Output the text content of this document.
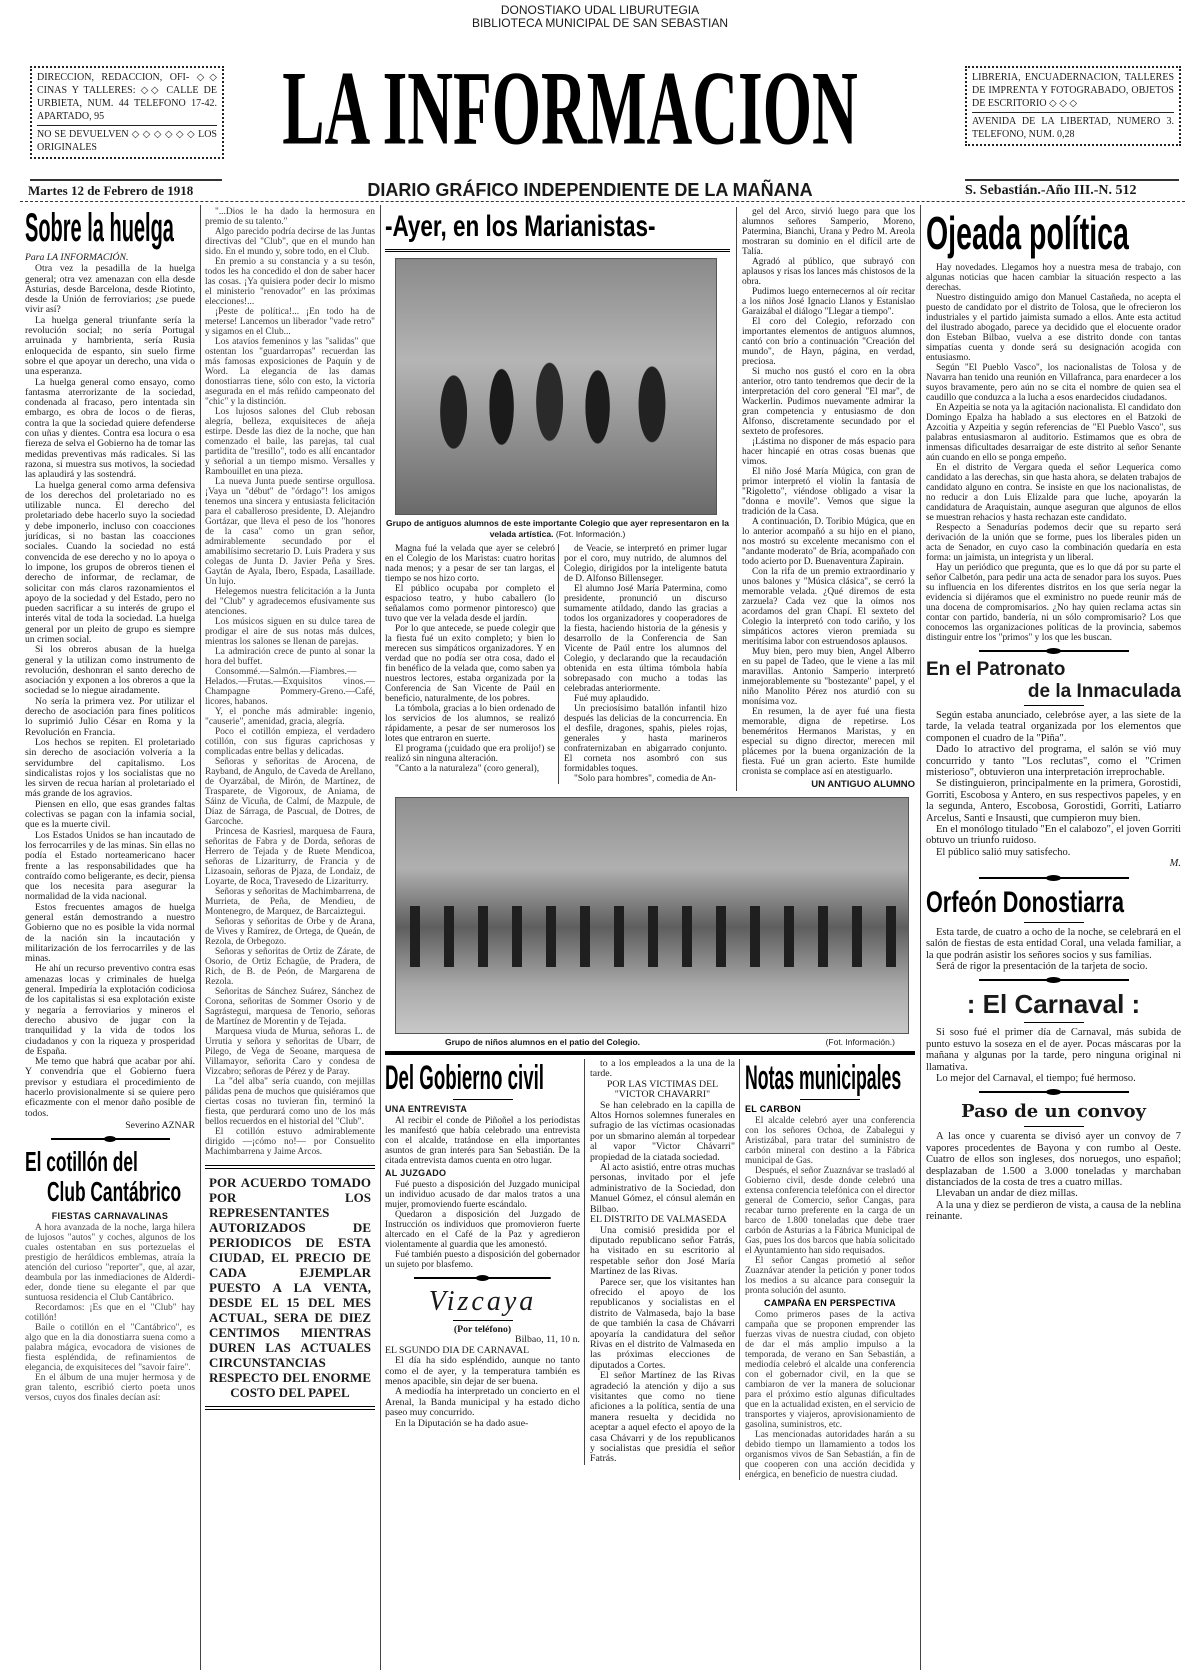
DONOSTIAKO UDAL LIBURUTEGIA
BIBLIOTECA MUNICIPAL DE SAN SEBASTIAN
DIRECCION, REDACCION, OFI- ◇◇ CINAS Y TALLERES: ◇◇ CALLE DE URBIETA, NUM. 44 TELEFONO 17-42. APARTADO, 95
NO SE DEVUELVEN ◇ ◇ ◇ ◇ ◇ ◇ LOS ORIGINALES	LA INFORMACION	LIBRERIA, ENCUADERNACION, TALLERES DE IMPRENTA Y FOTOGRABADO, OBJETOS DE ESCRITORIO ◇ ◇ ◇
AVENIDA DE LA LIBERTAD, NUMERO 3. TELEFONO, NUM. 0,28
Martes 12 de Febrero de 1918	DIARIO GRÁFICO INDEPENDIENTE DE LA MAÑANA	S. Sebastián.-Año III.-N. 512
Sobre la huelga
Para LA INFORMACIÓN.

Otra vez la pesadilla de la huelga general; otra vez amenazan con ella desde Asturias, desde Barcelona, desde Riotinto, desde la Unión de ferroviarios; ¿se puede vivir así?

La huelga general triunfante sería la revolución social; no sería Portugal arruinada y hambrienta, sería Rusia enloquecida de espanto, sin suelo firme sobre el que apoyar un derecho, una vida o una esperanza.

La huelga general como ensayo, como fantasma aterrorizante de la sociedad, condenada al fracaso, pero intentada sin embargo, es obra de locos o de fieras, contra la que la sociedad quiere defenderse con uñas y dientes. Contra esa locura o esa fiereza de selva el Gobierno ha de tomar las medidas preventivas más radicales. Si las razona, si muestra sus motivos, la sociedad las aplaudirá y las sostendrá.

La huelga general como arma defensiva de los derechos del proletariado no es utilizable nunca. El derecho del proletariado debe hacerlo suyo la sociedad y debe imponerlo, incluso con coacciones jurídicas, si no bastan las coacciones sociales. Cuando la sociedad no está convencida de ese derecho y no lo apoya o lo impone, los grupos de obreros tienen el derecho de informar, de reclamar, de solicitar con más claros razonamientos el apoyo de la sociedad y del Estado, pero no pueden sacrificar a su interés de grupo el interés vital de toda la sociedad. La huelga general por un pleito de grupo es siempre un crimen social.

Si los obreros abusan de la huelga general y la utilizan como instrumento de revolución, deshonran el santo derecho de asociación y exponen a los obreros a que la sociedad se lo niegue airadamente.

No sería la primera vez. Por utilizar el derecho de asociación para fines políticos lo suprimió Julio César en Roma y la Revolución en Francia.

Los hechos se repiten. El proletariado sin derecho de asociación volvería a la servidumbre del capitalismo. Los sindicalistas rojos y los socialistas que no les sirven de recua harían al proletariado el más grande de los agravios.

Piensen en ello, que esas grandes faltas colectivas se pagan con la infamia social, que es la muerte civil.

Los Estados Unidos se han incautado de los ferrocarriles y de las minas. Sin ellas no podía el Estado norteamericano hacer frente a las responsabilidades que ha contraído como beligerante, es decir, piensa que los necesita para asegurar la normalidad de la vida nacional.

Estos frecuentes amagos de huelga general están demostrando a nuestro Gobierno que no es posible la vida normal de la nación sin la incautación y militarización de los ferrocarriles y de las minas.

He ahí un recurso preventivo contra esas amenazas locas y criminales de huelga general. Impediría la explotación codiciosa de los capitalistas si esa explotación existe y negaría a ferroviarios y mineros el derecho abusivo de jugar con la tranquilidad y la vida de todos los ciudadanos y con la riqueza y prosperidad de España.

Me temo que habrá que acabar por ahí. Y convendría que el Gobierno fuera previsor y estudiara el procedimiento de hacerlo provisionalmente si se quiere pero eficazmente con el menor daño posible de todos.

Severino AZNAR
El cotillón del
Club Cantábrico
FIESTAS CARNAVALINAS

A hora avanzada de la noche, larga hilera de lujosos "autos" y coches, algunos de los cuales ostentaban en sus portezuelas el prestigio de heráldicos emblemas, atraía la atención del curioso "reporter", que, al azar, deambula por las inmediaciones de Alderdi-eder, donde tiene su elegante el par que suntuosa residencia el Club Cantábrico.

Recordamos: ¡Es que en el "Club" hay cotillón!

Baile o cotillón en el "Cantábrico", es algo que en la dia donostiarra suena como a palabra mágica, evocadora de visiones de fiesta espléndida, de refinamientos de elegancia, de exquisiteces del "savoir faire".

En el álbum de una mujer hermosa y de gran talento, escribió cierto poeta unos versos, cuyos dos finales decían así:

"...Dios le ha dado la hermosura en premio de su talento."

Algo parecido podría decirse de las Juntas directivas del "Club", que en el mundo han sido. En el mundo y, sobre todo, en el Club.

En premio a su constancia y a su tesón, todos les ha concedido el don de saber hacer las cosas. ¡Ya quisiera poder decir lo mismo el ministerio "renovador" en las próximas elecciones!...

¡Peste de política!... ¡En todo ha de meterse! Lancemos un liberador "vade retro" y sigamos en el Club...

Los atavíos femeninos y las "salidas" que ostentan los "guardarropas" recuerdan las más famosas exposiciones de Paquín y de Word. La elegancia de las damas donostiarras tiene, sólo con esto, la victoria asegurada en el más reñido campeonato del "chic" y la distinción.

Los lujosos salones del Club rebosan alegría, belleza, exquisiteces de añeja estirpe. Desde las diez de la noche, que han comenzado el baile, las parejas, tal cual partidita de "tresillo", todo es allí encantador y señorial a un tiempo mismo. Versalles y Rambouillet en una pieza.

La nueva Junta puede sentirse orgullosa. ¡Vaya un "début" de "órdago"! los amigos tenemos una sincera y entusiasta felicitación para el caballeroso presidente, D. Alejandro Gortázar, que lleva el peso de los "honores de la casa" como un gran señor, admirablemente secundado por el amabilísimo secretario D. Luis Pradera y sus colegas de Junta D. Javier Peña y Sres. Gaytán de Ayala, Ibero, Espada, Lasaillade. Un lujo.

Helegemos nuestra felicitación a la Junta del "Club" y agradecemos efusivamente sus atenciones.

Los músicos siguen en su dulce tarea de prodigar el aire de sus notas más dulces, mientras los salones se llenan de parejas.

La admiración crece de punto al sonar la hora del buffet.

Consommé.—Salmón.—Fiambres.—Helados.—Frutas.—Exquisitos vinos.—Champagne Pommery-Greno.—Café, licores, habanos.

Y, el ponche más admirable: ingenio, "causerie", amenidad, gracia, alegría.

Poco el cotillón empieza, el verdadero cotillón, con sus figuras caprichosas y complicadas entre bellas y delicadas.

Señoras y señoritas de Arocena, de Rayband, de Angulo, de Caveda de Arellano, de Oyarzábal, de Mirón, de Martínez, de Trasparete, de Vigoroux, de Aniama, de Sáinz de Vicuña, de Calmí, de Mazpule, de Díaz de Sárraga, de Pascual, de Dotres, de Garcoche.

Princesa de Kasriesl, marquesa de Faura, señoritas de Fabra y de Dorda, señoras de Herrero de Tejada y de Ruete Mendicoa, señoras de Lizariturry, de Francia y de Lizasoain, señoras de Pjaza, de Londaiz, de Loyarte, de Roca, Travesedo de Lizariturry.

Señoras y señoritas de Machimbarrena, de Murrieta, de Peña, de Mendieu, de Montenegro, de Marquez, de Barcaiztegui.

Señoras y señoritas de Orbe y de Arana, de Vives y Ramírez, de Ortega, de Queán, de Rezola, de Orbegozo.

Señoras y señoritas de Ortiz de Zárate, de Osorio, de Ortiz Echagüe, de Pradera, de Rich, de B. de Peón, de Margarena de Rezola.

Señoritas de Sánchez Suárez, Sánchez de Corona, señoritas de Sommer Osorio y de Sagrástegui, marquesa de Tenorio, señoras de Martínez de Morentin y de Tejada.

Marquesa viuda de Murua, señoras L. de Urrutia y señora y señoritas de Ubarr, de Pilego, de Vega de Seoane, marquesa de Villamayor, señorita Caro y condesa de Vizcabro; señoras de Pérez y de Paray.

La "del alba" sería cuando, con mejillas pálidas pena de muchos que quisiéramos que ciertas cosas no tuvieran fin, terminó la fiesta, que perdurará como uno de los más bellos recuerdos en el historial del "Club".

El cotillón estuvo admirablemente dirigido —¡cómo no!— por Consuelito Machimbarrena y Jaime Arcos.

POR ACUERDO TOMADO POR LOS REPRESENTANTES AUTORIZADOS DE PERIODICOS DE ESTA CIUDAD, EL PRECIO DE CADA EJEMPLAR PUESTO A LA VENTA, DESDE EL 15 DEL MES ACTUAL, SERA DE DIEZ CENTIMOS MIENTRAS DUREN LAS ACTUALES CIRCUNSTANCIAS RESPECTO DEL ENORME COSTO DEL PAPEL
-Ayer, en los Marianistas-
Grupo de antiguos alumnos de este importante Colegio que ayer representaron en la velada artística. (Fot. Información.)

Magna fué la velada que ayer se celebró en el Colegio de los Maristas: cuatro horitas nada menos; y a pesar de ser tan largas, el tiempo se nos hizo corto.

El público ocupaba por completo el espacioso teatro, y hubo caballero (lo señalamos como pormenor pintoresco) que tuvo que ver la velada desde el jardín.

Por lo que antecede, se puede colegir que la fiesta fué un exito completo; y bien lo merecen sus simpáticos organizadores. Y en verdad que no podía ser otra cosa, dado el fin benéfico de la velada que, como saben ya nuestros lectores, estaba organizada por la Conferencia de San Vicente de Paúl en beneficio, naturalmente, de los pobres.

La tómbola, gracias a lo bien ordenado de los servicios de los alumnos, se realizó rápidamente, a pesar de ser numerosos los lotes que entraron en suerte.

El programa (¡cuidado que era prolijo!) se realizó sin ninguna alteración.

"Canto a la naturaleza" (coro general),

de Veacie, se interpretó en primer lugar por el coro, muy nutrido, de alumnos del Colegio, dirigidos por la inteligente batuta de D. Alfonso Billenseger.

El alumno José María Patermina, como presidente, pronunció un discurso sumamente atildado, dando las gracias a todos los organizadores y cooperadores de la fiesta, haciendo historia de la génesis y desarrollo de la Conferencia de San Vicente de Paúl entre los alumnos del Colegio, y declarando que la recaudación obtenida en esta última tómbola había sobrepasado con mucho a todas las celebradas anteriormente.

Fué muy aplaudido.

Un preciosísimo batallón infantil hizo después las delicias de la concurrencia. En el desfile, dragones, spahis, pieles rojas, generales y hasta marineros confraternizaban en abigarrado conjunto. El corneta nos asombró con sus formidables toques.

"Solo para hombres", comedia de An-

gel del Arco, sirvió luego para que los alumnos señores Samperio, Moreno, Patermina, Bianchi, Urana y Pedro M. Areola mostraran su dominio en el difícil arte de Talía.

Agradó al público, que subrayó con aplausos y risas los lances más chistosos de la obra.

Pudimos luego enternecernos al oír recitar a los niños José Ignacio Llanos y Estanislao Garaizábal el diálogo "Llegar a tiempo".

El coro del Colegio, reforzado con importantes elementos de antiguos alumnos, cantó con brío a continuación "Creación del mundo", de Hayn, página, en verdad, preciosa.

Si mucho nos gustó el coro en la obra anterior, otro tanto tendremos que decir de la interpretación del coro general "El mar", de Wackerlin. Pudimos nuevamente admirar la gran competencia y entusiasmo de don Alfonso, discretamente secundado por el sexteto de profesores.

¡Lástima no disponer de más espacio para hacer hincapié en otras cosas buenas que vimos.

El niño José María Múgica, con gran de primor interpretó el violín la fantasía de "Rigoletto", viéndose obligado a visar la "donna e movile". Vemos que sigue la tradición de la Casa.

A continuación, D. Toribio Múgica, que en lo anterior acompañó a su hijo en el piano, nos mostró su excelente mecanismo con el "andante moderato" de Bría, acompañado con todo acierto por D. Buenaventura Zapirain.

Con la rifa de un premio extraordinario y unos balones y "Música clásica", se cerró la memorable velada. ¿Qué diremos de esta zarzuela? Cada vez que la oímos nos acordamos del gran Chapí. El sexteto del Colegio la interpretó con todo cariño, y los simpáticos actores vieron premiada su meritísima labor con estruendosos aplausos.

Muy bien, pero muy bien, Angel Alberro en su papel de Tadeo, que le viene a las mil maravillas. Antonio Samperio interpretó inmejorablemente su "bostezante" papel, y el niño Manolito Pérez nos aturdió con su monísima voz.

En resumen, la de ayer fué una fiesta memorable, digna de repetirse. Los beneméritos Hermanos Maristas, y en especial su digno director, merecen mil plácemes por la buena organización de la fiesta. Fué un gran acierto. Este humilde cronista se complace así en atestiguarlo.

UN ANTIGUO ALUMNO
Grupo de niños alumnos en el patio del Colegio.	(Fot. Información.)
Del Gobierno civil
UNA ENTREVISTA

Al recibir el conde de Piñoñel a los periodistas les manifestó que había celebrado una entrevista con el alcalde, tratándose en ella importantes asuntos de gran interés para San Sebastián. De la citada entrevista damos cuenta en otro lugar.

AL JUZGADO

Fué puesto a disposición del Juzgado municipal un individuo acusado de dar malos tratos a una mujer, promoviendo fuerte escándalo.

Quedaron a disposición del Juzgado de Instrucción os individuos que promovieron fuerte altercado en el Café de la Paz y agredieron violentamente al guardia que les amonestó.

Fué también puesto a disposición del gobernador un sujeto por blasfemo.

Vizcaya
(Por teléfono)
Bilbao, 11, 10 n.
EL SGUNDO DIA DE CARNAVAL

El día ha sido espléndido, aunque no tanto como el de ayer, y la temperatura también es menos apacible, sin dejar de ser buena.

A mediodía ha interpretado un concierto en el Arenal, la Banda municipal y ha estado dicho paseo muy concurrido.

En la Diputación se ha dado asue-

to a los empleados a la una de la tarde.

POR LAS VICTIMAS DEL "VICTOR CHAVARRI"

Se han celebrado en la capilla de Altos Hornos solemnes funerales en sufragio de las víctimas ocasionadas por un sbmarino alemán al torpedear al vapor "Victor Chávarri" propiedad de la ciatada sociedad.

Al acto asistió, entre otras muchas personas, invitado por el jefe administrativo de la Sociedad, don Manuel Gómez, el cónsul alemán en Bilbao.

EL DISTRITO DE VALMASEDA

Una comisió presidida por el diputado republicano señor Fatrás, ha visitado en su escritorio al respetable señor don José María Martínez de las Rivas.

Parece ser, que los visitantes han ofrecido el apoyo de los republicanos y socialistas en el distrito de Valmaseda, bajo la base de que también la casa de Chávarri apoyaría la candidatura del señor Rivas en el distrito de Valmaseda en las próximas elecciones de diputados a Cortes.

El señor Martínez de las Rivas agradeció la atención y dijo a sus visitantes que como no tiene aficiones a la política, sentía de una manera resuelta y decidida no aceptar a aquel efecto el apoyo de la casa Chávarri y de los republicanos y socialistas que presidía el señor Fatrás.

Notas municipales
EL CARBON

El alcalde celebró ayer una conferencia con los señores Ochoa, de Zabalegui y Aristizábal, para tratar del suministro de carbón mineral con destino a la Fábrica municipal de Gas.

Después, el señor Zuaznávar se trasladó al Gobierno civil, desde donde celebró una extensa conferencia telefónica con el director general de Comercio, señor Cangas, para recabar turno preferente en la carga de un barco de 1.800 toneladas que debe traer carbón de Asturias a la Fábrica Municipal de Gas, pues los dos barcos que había solicitado el Ayuntamiento han sido requisados.

El señor Cangas prometió al señor Zuaznávar atender la petición y poner todos los medios a su alcance para conseguir la pronta solución del asunto.

CAMPAÑA EN PERSPECTIVA

Como primeros pases de la activa campaña que se proponen emprender las fuerzas vivas de nuestra ciudad, con objeto de dar el más amplio impulso a la temporada, de verano en San Sebastián, a mediodía celebró el alcalde una conferencia con el gobernador civil, en la que se cambiaron de ver la manera de solucionar para el próximo estío algunas dificultades que en la actualidad existen, en el servicio de transportes y viajeros, aprovisionamiento de gasolina, suministros, etc.

Las mencionadas autoridades harán a su debido tiempo un llamamiento a todos los organismos vivos de San Sebastián, a fin de que cooperen con una acción decidida y enérgica, en beneficio de nuestra ciudad.

Ojeada política

Hay novedades. Llegamos hoy a nuestra mesa de trabajo, con algunas noticias que hacen cambiar la situación respecto a las derechas.

Nuestro distinguido amigo don Manuel Castañeda, no acepta el puesto de candidato por el distrito de Tolosa, que le ofrecieron los industriales y el partido jaimista sumado a ellos. Ante esta actitud del ilustrado abogado, parece ya decidido que el elocuente orador don Esteban Bilbao, vuelva a ese distrito donde con tantas simpatías cuenta y donde será su designación acogida con entusiasmo.

Según "El Pueblo Vasco", los nacionalistas de Tolosa y de Navarra han tenido una reunión en Villafranca, para enardecer a los suyos bravamente, pero aún no se cita el nombre de quien sea el caudillo que conduzca a la lucha a esos enardecidos ciudadanos.

En Azpeitia se nota ya la agitación nacionalista. El candidato don Domingo Epalza ha hablado a sus electores en el Batzoki de Azcoitia y Azpeitia y según referencias de "El Pueblo Vasco", sus palabras entusiasmaron al auditorio. Estimamos que es obra de inmensas dificultades desarraigar de este distrito al señor Senante aún cuando en ello se ponga empeño.

En el distrito de Vergara queda el señor Lequerica como candidato a las derechas, sin que hasta ahora, se delaten trabajos de candidato alguno en contra. Se insiste en que los nacionalistas, de no reducir a don Luis Elizalde para que luche, apoyarán la candidatura de Araquistain, aunque aseguran que algunos de ellos se muestran rehacios y hasta rechazan este candidato.

Respecto a Senadurías podemos decir que su reparto será derivación de la unión que se forme, pues los liberales piden un acta de Senador, en cuyo caso la combinación quedaría en esta forma: un jaimista, un integrista y un liberal.

Hay un periódico que pregunta, que es lo que dá por su parte el señor Calbetón, para pedir una acta de senador para los suyos. Pues su influencia en los diferentes distritos en los que sería negar la evidencia si dijéramos que el exministro no puede reunir más de una docena de compromisarios. ¿No hay quien reclama actas sin contar con partido, bandería, ni un sólo compromisario? Los que conocemos las organizaciones políticas de la provincia, sabemos distinguir entre los "primos" y los que les buscan.

En el Patronato
de la Inmaculada

Según estaba anunciado, celebróse ayer, a las siete de la tarde, la velada teatral organizada por los elementos que componen el cuadro de la "Piña".

Dado lo atractivo del programa, el salón se vió muy concurrido y tanto "Los reclutas", como el "Crimen misterioso", obtuvieron una interpretación irreprochable.

Se distinguieron, principalmente en la primera, Gorostidi, Gorriti, Escobosa y Antero, en sus respectivos papeles, y en la segunda, Antero, Escobosa, Gorostidi, Gorriti, Latiarro Arcelus, Santi e Insausti, que cumpieron muy bien.

En el monólogo titulado "En el calabozo", el joven Gorriti obtuvo un triunfo ruidoso.

El público salió muy satisfecho.

M.
Orfeón Donostiarra

Esta tarde, de cuatro a ocho de la noche, se celebrará en el salón de fiestas de esta entidad Coral, una velada familiar, a la que podrán asistir los señores socios y sus familias.

Será de rigor la presentación de la tarjeta de socio.

: El Carnaval :

Si soso fué el primer día de Carnaval, más subida de punto estuvo la soseza en el de ayer. Pocas máscaras por la mañana y algunas por la tarde, pero ninguna original ni llamativa.

Lo mejor del Carnaval, el tiempo; fué hermoso.

Paso de un convoy

A las once y cuarenta se divisó ayer un convoy de 7 vapores procedentes de Bayona y con rumbo al Oeste. Cuatro de ellos son ingleses, dos noruegos, uno español; desplazaban de 1.500 a 3.000 toneladas y marchaban distanciados de la costa de tres a cuatro millas.

Llevaban un andar de diez millas.

A la una y diez se perdieron de vista, a causa de la neblina reinante.
